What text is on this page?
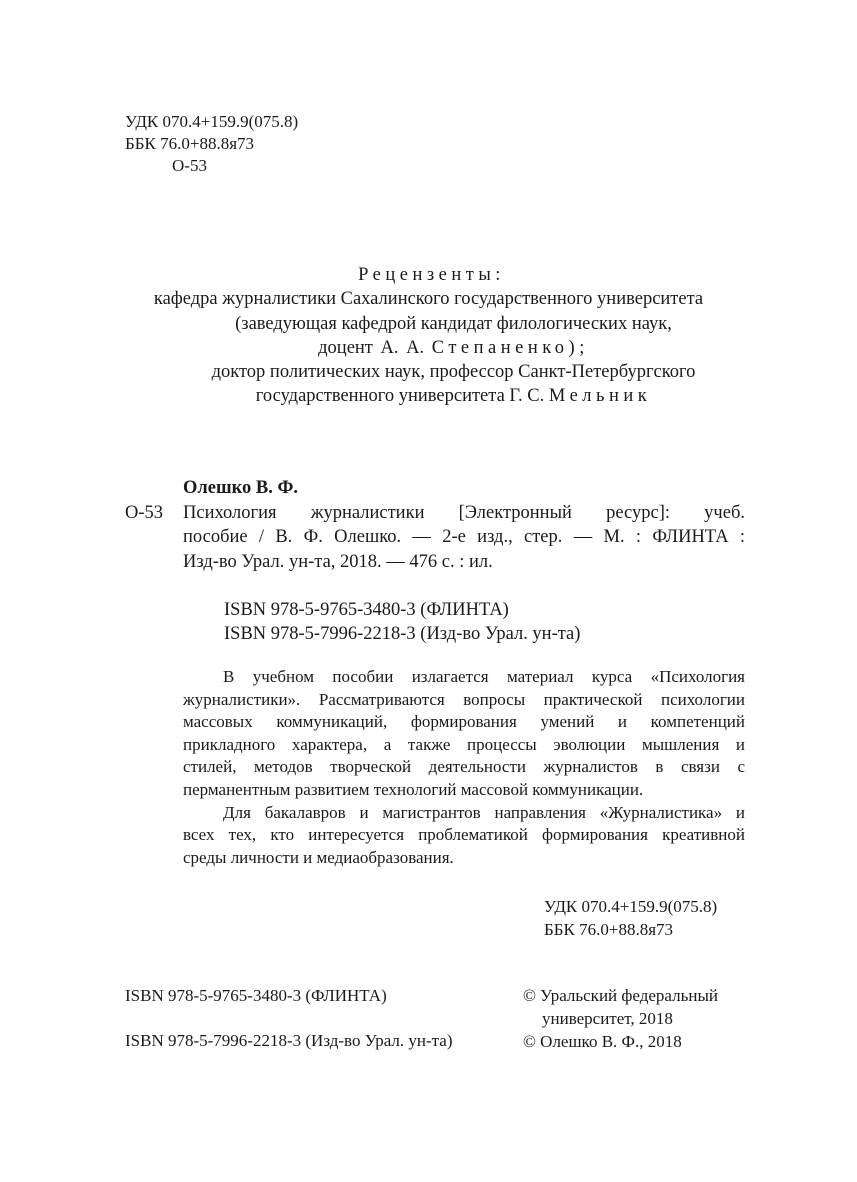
УДК 070.4+159.9(075.8)
ББК 76.0+88.8я73
О-53
Рецензенты:
кафедра журналистики Сахалинского государственного университета
(заведующая кафедрой кандидат филологических наук,
доцент А. А. Степаненко);
доктор политических наук, профессор Санкт-Петербургского
государственного университета Г. С. Мельник
Олешко В. Ф.
О-53 Психология журналистики [Электронный ресурс]: учеб.
пособие / В. Ф. Олешко. — 2-е изд., стер. — М. : ФЛИНТА :
Изд-во Урал. ун-та, 2018. — 476 с. : ил.
ISBN 978-5-9765-3480-3 (ФЛИНТА)
ISBN 978-5-7996-2218-3 (Изд-во Урал. ун-та)
В учебном пособии излагается материал курса «Психология
журналистики». Рассматриваются вопросы практической психологии
массовых коммуникаций, формирования умений и компетенций
прикладного характера, а также процессы эволюции мышления и
стилей, методов творческой деятельности журналистов в связи с
перманентным развитием технологий массовой коммуникации.
Для бакалавров и магистрантов направления «Журналистика» и
всех тех, кто интересуется проблематикой формирования креативной
среды личности и медиаобразования.
УДК 070.4+159.9(075.8)
ББК 76.0+88.8я73
ISBN 978-5-9765-3480-3 (ФЛИНТА)
ISBN 978-5-7996-2218-3 (Изд-во Урал. ун-та)
© Уральский федеральный
университет, 2018
© Олешко В. Ф., 2018
